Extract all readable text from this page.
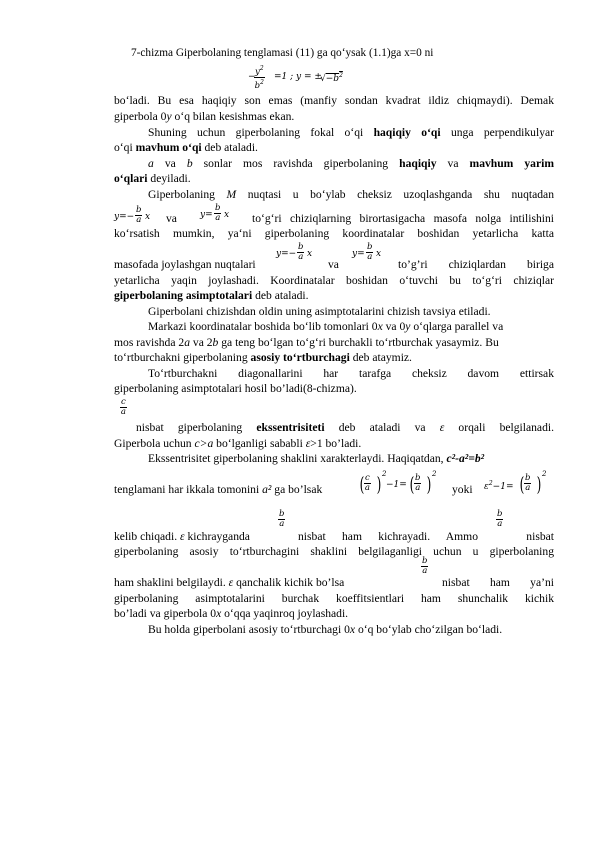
7-chizma Giperbolaning tenglamasi (11) ga qo‘ysak (1.1)ga x=0 ni
−
$\frac{y^2}{b^2} =1$ ; y = ±
$√-b^2$
bo‘ladi. Bu esa haqiqiy son emas (manfiy sondan kvadrat ildiz chiqmaydi). Demak
giperbola 0y o‘q bilan kesishmas ekan.
Shuning uchun giperbolaning fokal o‘qi haqiqiy o‘qi unga perpendikulyar
o‘qi mavhum o‘qi deb ataladi.
a va b sonlar mos ravishda giperbolaning haqiqiy va mavhum yarim
o‘qlari deyiladi.
Giperbolaning M nuqtasi u bo‘ylab cheksiz uzoqlashganda shu nuqtadan
$y=- \frac{b}{a}$ x va	$y= \frac{b}{a}$ x to‘g‘ri chiziqlarning birortasigacha masofa nolga intilishini
ko‘rsatish mumkin, ya‘ni giperbolaning koordinatalar boshidan yetarlicha katta
masofada joylashgan nuqtalari
$y=- \frac{b}{a}$ x
va
$y= \frac{b}{a}$ x
to’g’ri chiziqlardan biriga
yetarlicha yaqin joylashadi. Koordinatalar boshidan o‘tuvchi bu to‘g‘ri chiziqlar
giperbolaning asimptotalari deb ataladi.
Giperbolani chizishdan oldin uning asimptotalarini chizish tavsiya etiladi.
Markazi koordinatalar boshida bo‘lib tomonlari 0x va 0y o‘qlarga parallel va
mos ravishda 2a va 2b ga teng bo‘lgan to‘g‘ri burchakli to‘rtburchak yasaymiz. Bu
to‘rtburchakni giperbolaning asosiy to‘rtburchagi deb ataymiz.
To‘rtburchakni diagonallarini har tarafga cheksiz davom ettirsak
giperbolaning asimptotalari hosil bo’ladi(8-chizma).
$\frac{c}{a}$
nisbat giperbolaning ekssentrisiteti deb ataladi va ε orqali belgilanadi.
Giperbola uchun c>a bo‘lganligi sababli ε>1 bo’ladi.
Ekssentrisitet giperbolaning shaklini xarakterlaydi. Haqiqatdan, c²-a²=b²
tenglamani har ikkala tomonini a² ga bo’lsak	( $\frac{c}{a}$ ) 2
−1= ( $\frac{b}{a}$ ) 2
yoki	$\varepsilon^2-1=$ ( $\frac{b}{a}$ ) 2
kelib chiqadi. ε kichrayganda
$\frac{b}{a}$
nisbat ham kichrayadi. Ammo
$\frac{b}{a}$
nisbat
giperbolaning asosiy to‘rtburchagini shaklini belgilaganligi uchun u giperbolaning
ham shaklini belgilaydi. ε qanchalik kichik bo’lsa
$\frac{b}{a}$
nisbat ham ya’ni
giperbolaning asimptotalarini burchak koeffitsientlari ham shunchalik kichik
bo’ladi va giperbola 0x o‘qqa yaqinroq joylashadi.
Bu holda giperbolani asosiy to‘rtburchagi 0x o‘q bo‘ylab cho‘zilgan bo‘ladi.
